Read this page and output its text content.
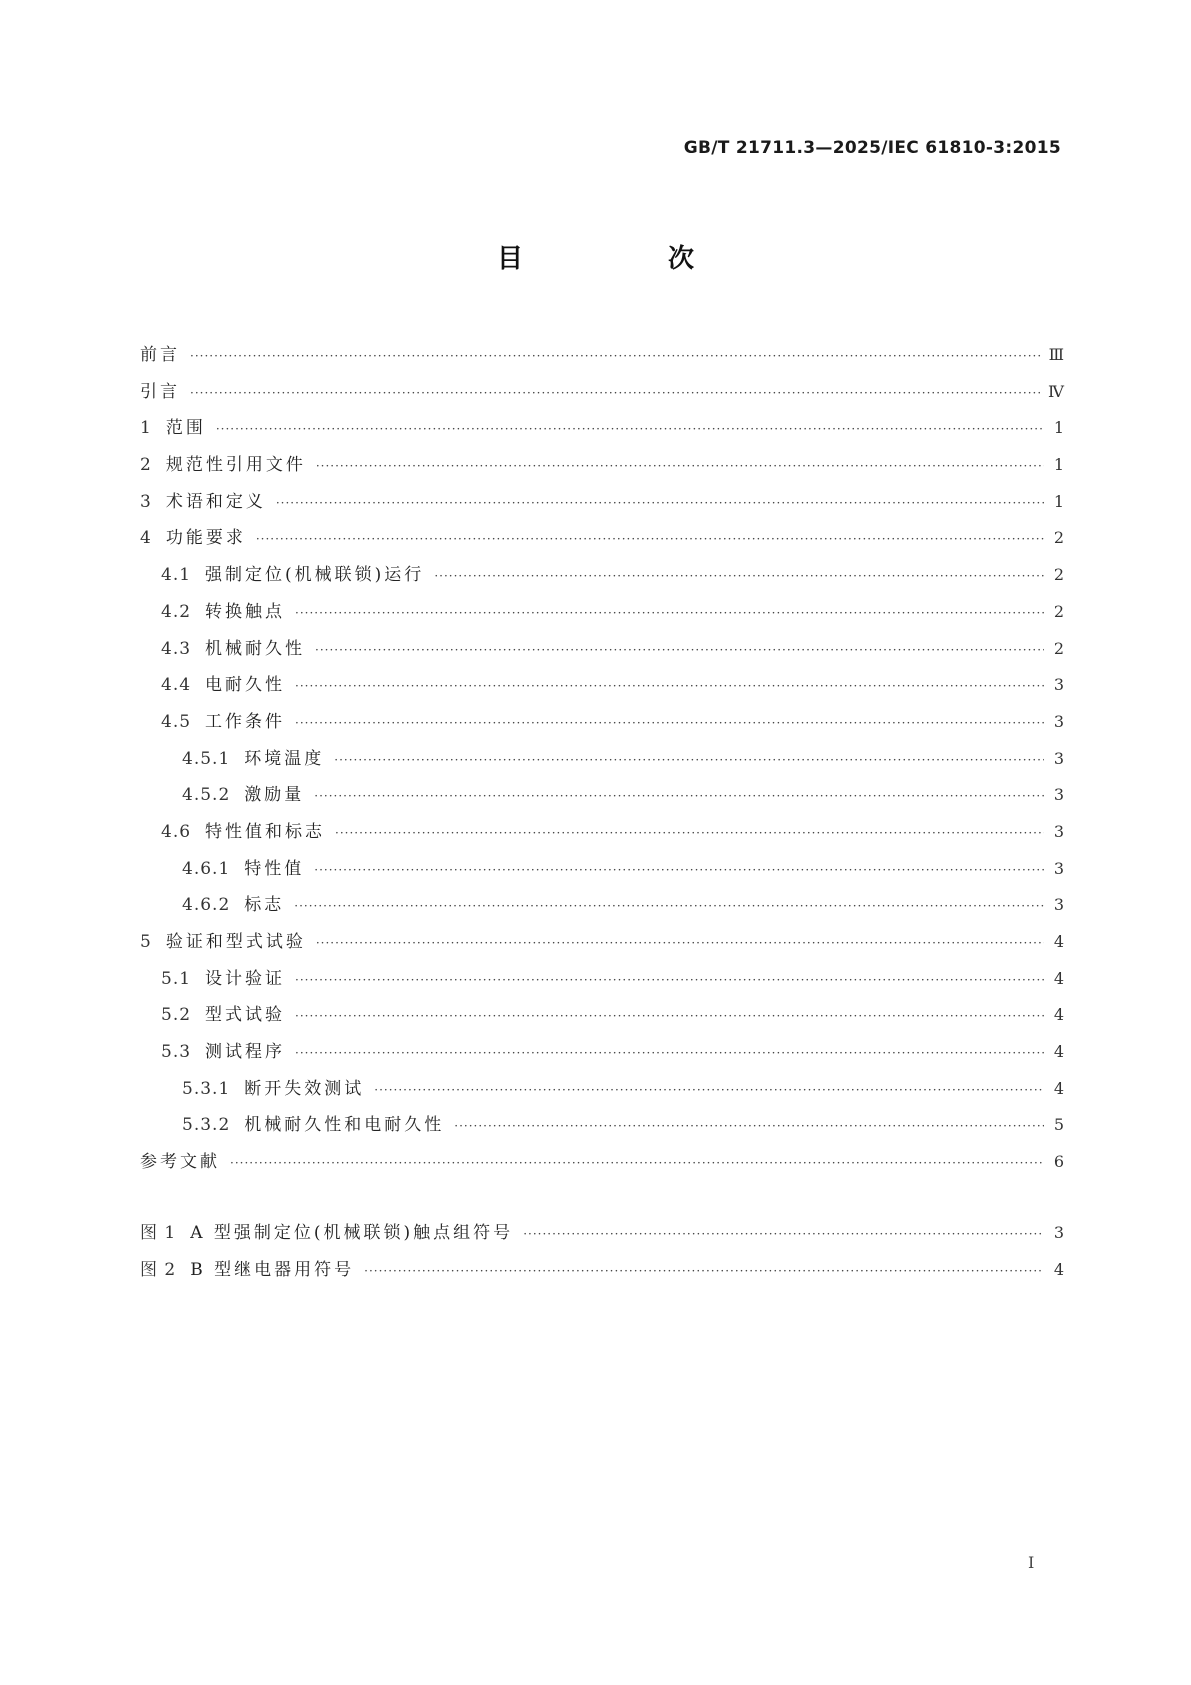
GB/T 21711.3—2025/IEC 61810-3:2015
目 次
前言 ·····	Ⅲ
引言 ·····	Ⅳ
1 范围 ·····	1
2 规范性引用文件 ·····	1
3 术语和定义 ·····	1
4 功能要求 ·····	2
4.1 强制定位(机械联锁)运行 ·····	2
4.2 转换触点 ·····	2
4.3 机械耐久性 ·····	2
4.4 电耐久性 ·····	3
4.5 工作条件 ·····	3
4.5.1 环境温度 ·····	3
4.5.2 激励量 ·····	3
4.6 特性值和标志 ·····	3
4.6.1 特性值 ·····	3
4.6.2 标志 ·····	3
5 验证和型式试验 ·····	4
5.1 设计验证 ·····	4
5.2 型式试验 ·····	4
5.3 测试程序 ·····	4
5.3.1 断开失效测试 ·····	4
5.3.2 机械耐久性和电耐久性 ·····	5
参考文献 ·····	6
图 1 A 型强制定位(机械联锁)触点组符号 ·····	3
图 2 B 型继电器用符号 ·····	4
Ⅰ
